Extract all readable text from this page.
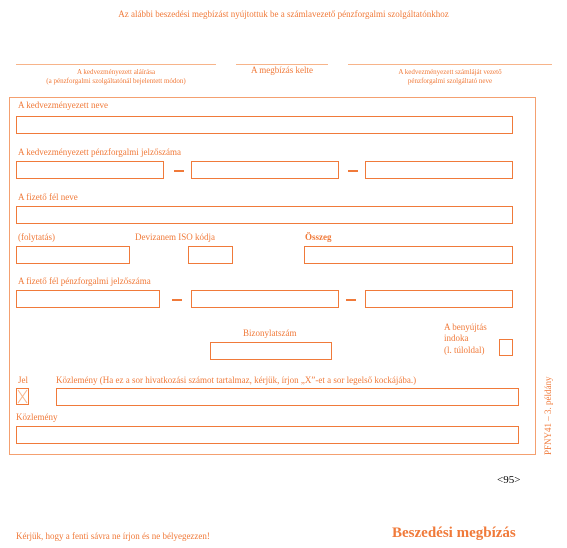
Az alábbi beszedési megbízást nyújtottuk be a számlavezető pénzforgalmi szolgáltatónkhoz
A kedvezményezett aláírása
(a pénzforgalmi szolgáltatónál bejelentett módon)
A megbízás kelte	A kedvezményezett számláját vezető
pénzforgalmi szolgáltató neve
A kedvezményezett neve
A kedvezményezett pénzforgalmi jelzőszáma
A fizető fél neve
(folytatás)	Devizanem ISO kódja	Összeg
A fizető fél pénzforgalmi jelzőszáma
Bizonylatszám
A benyújtás
indoka
(l. túloldal)
Jel	Közlemény (Ha ez a sor hivatkozási számot tartalmaz, kérjük, írjon „X”-et a sor legelső kockájába.)
Közlemény	PFNY41 – 3. példány
<95>
Kérjük, hogy a fenti sávra ne írjon és ne bélyegezzen!	Beszedési megbízás
